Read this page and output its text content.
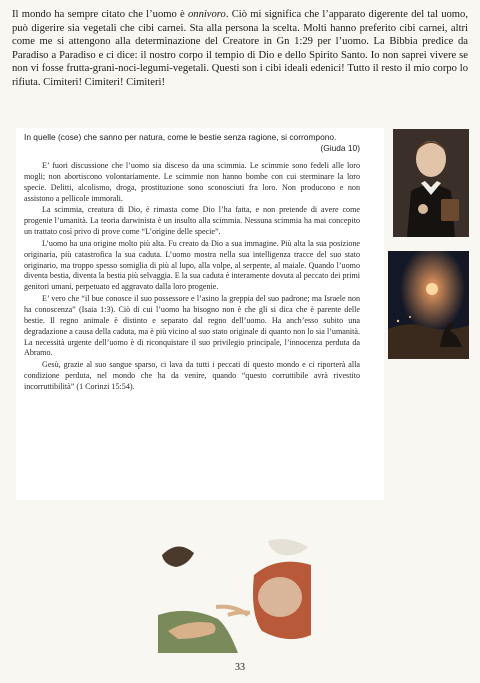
Il mondo ha sempre citato che l’uomo è onnivoro. Ciò mi significa che l’apparato digerente del tal uomo, può digerire sia vegetali che cibi carnei. Sta alla persona la scelta. Molti hanno preferito cibi carnei, altri come me si attengono alla determinazione del Creatore in Gn 1:29 per l’uomo. La Bibbia predice da Paradiso a Paradiso e ci dice: il nostro corpo il tempio di Dio e dello Spirito Santo. Io non saprei vivere se non vi fosse frutta-grani-noci-legumi-vegetali. Questi son i cibi ideali edenici! Tutto il resto il mio corpo lo rifiuta. Cimiteri! Cimiteri! Cimiteri!

In quelle (cose) che sanno per natura, come le bestie senza ragione, si corrompono.
(Giuda 10)

E’ fuori discussione che l’uomo sia disceso da una scimmia. Le scimmie sono fedeli alle loro mogli; non abortiscono volontariamente. Le scimmie non hanno bombe con cui sterminare la loro specie. Delitti, alcolismo, droga, prostituzione sono sconosciuti fra loro. Non producono e non assistono a pellicole immorali.

La scimmia, creatura di Dio, è rimasta come Dio l’ha fatta, e non pretende di avere come progenie l’umanità. La teoria darwinista è un insulto alla scimmia. Nessuna scimmia ha mai concepito un trattato così privo di prove come “L’origine delle specie”.

L’uomo ha una origine molto più alta. Fu creato da Dio a sua immagine. Più alta la sua posizione originaria, più catastrofica la sua caduta. L’uomo mostra nella sua intelligenza tracce del suo stato originario, ma troppo spesso somiglia di più al lupo, alla volpe, al serpente, al maiale. Quando l’uomo diventa bestia, diventa la bestia più selvaggia. E la sua caduta è interamente dovuta al peccato dei primi genitori umani, perpetuato ed aggravato dalla loro progenie.

E’ vero che “il bue conosce il suo possessore e l’asino la greppia del suo padrone; ma Israele non ha conoscenza” (Isaia 1:3). Ciò di cui l’uomo ha bisogno non è che gli si dica che è parente delle bestie. Il regno animale è distinto e separato dal regno dell’uomo. Ha anch’esso subito una degradazione a causa della caduta, ma è più vicino al suo stato originale di quanto non lo sia l’umanità. La necessità urgente dell’uomo è di riconquistare il suo privilegio principale, l’innocenza perduta da Abramo.

Gesù, grazie al suo sangue sparso, ci lava da tutti i peccati di questo mondo e ci riporterà alla condizione perduta, nel mondo che ha da venire, quando “questo corruttibile avrà rivestito incorruttibilità” (1 Corinzi 15:54).

33
